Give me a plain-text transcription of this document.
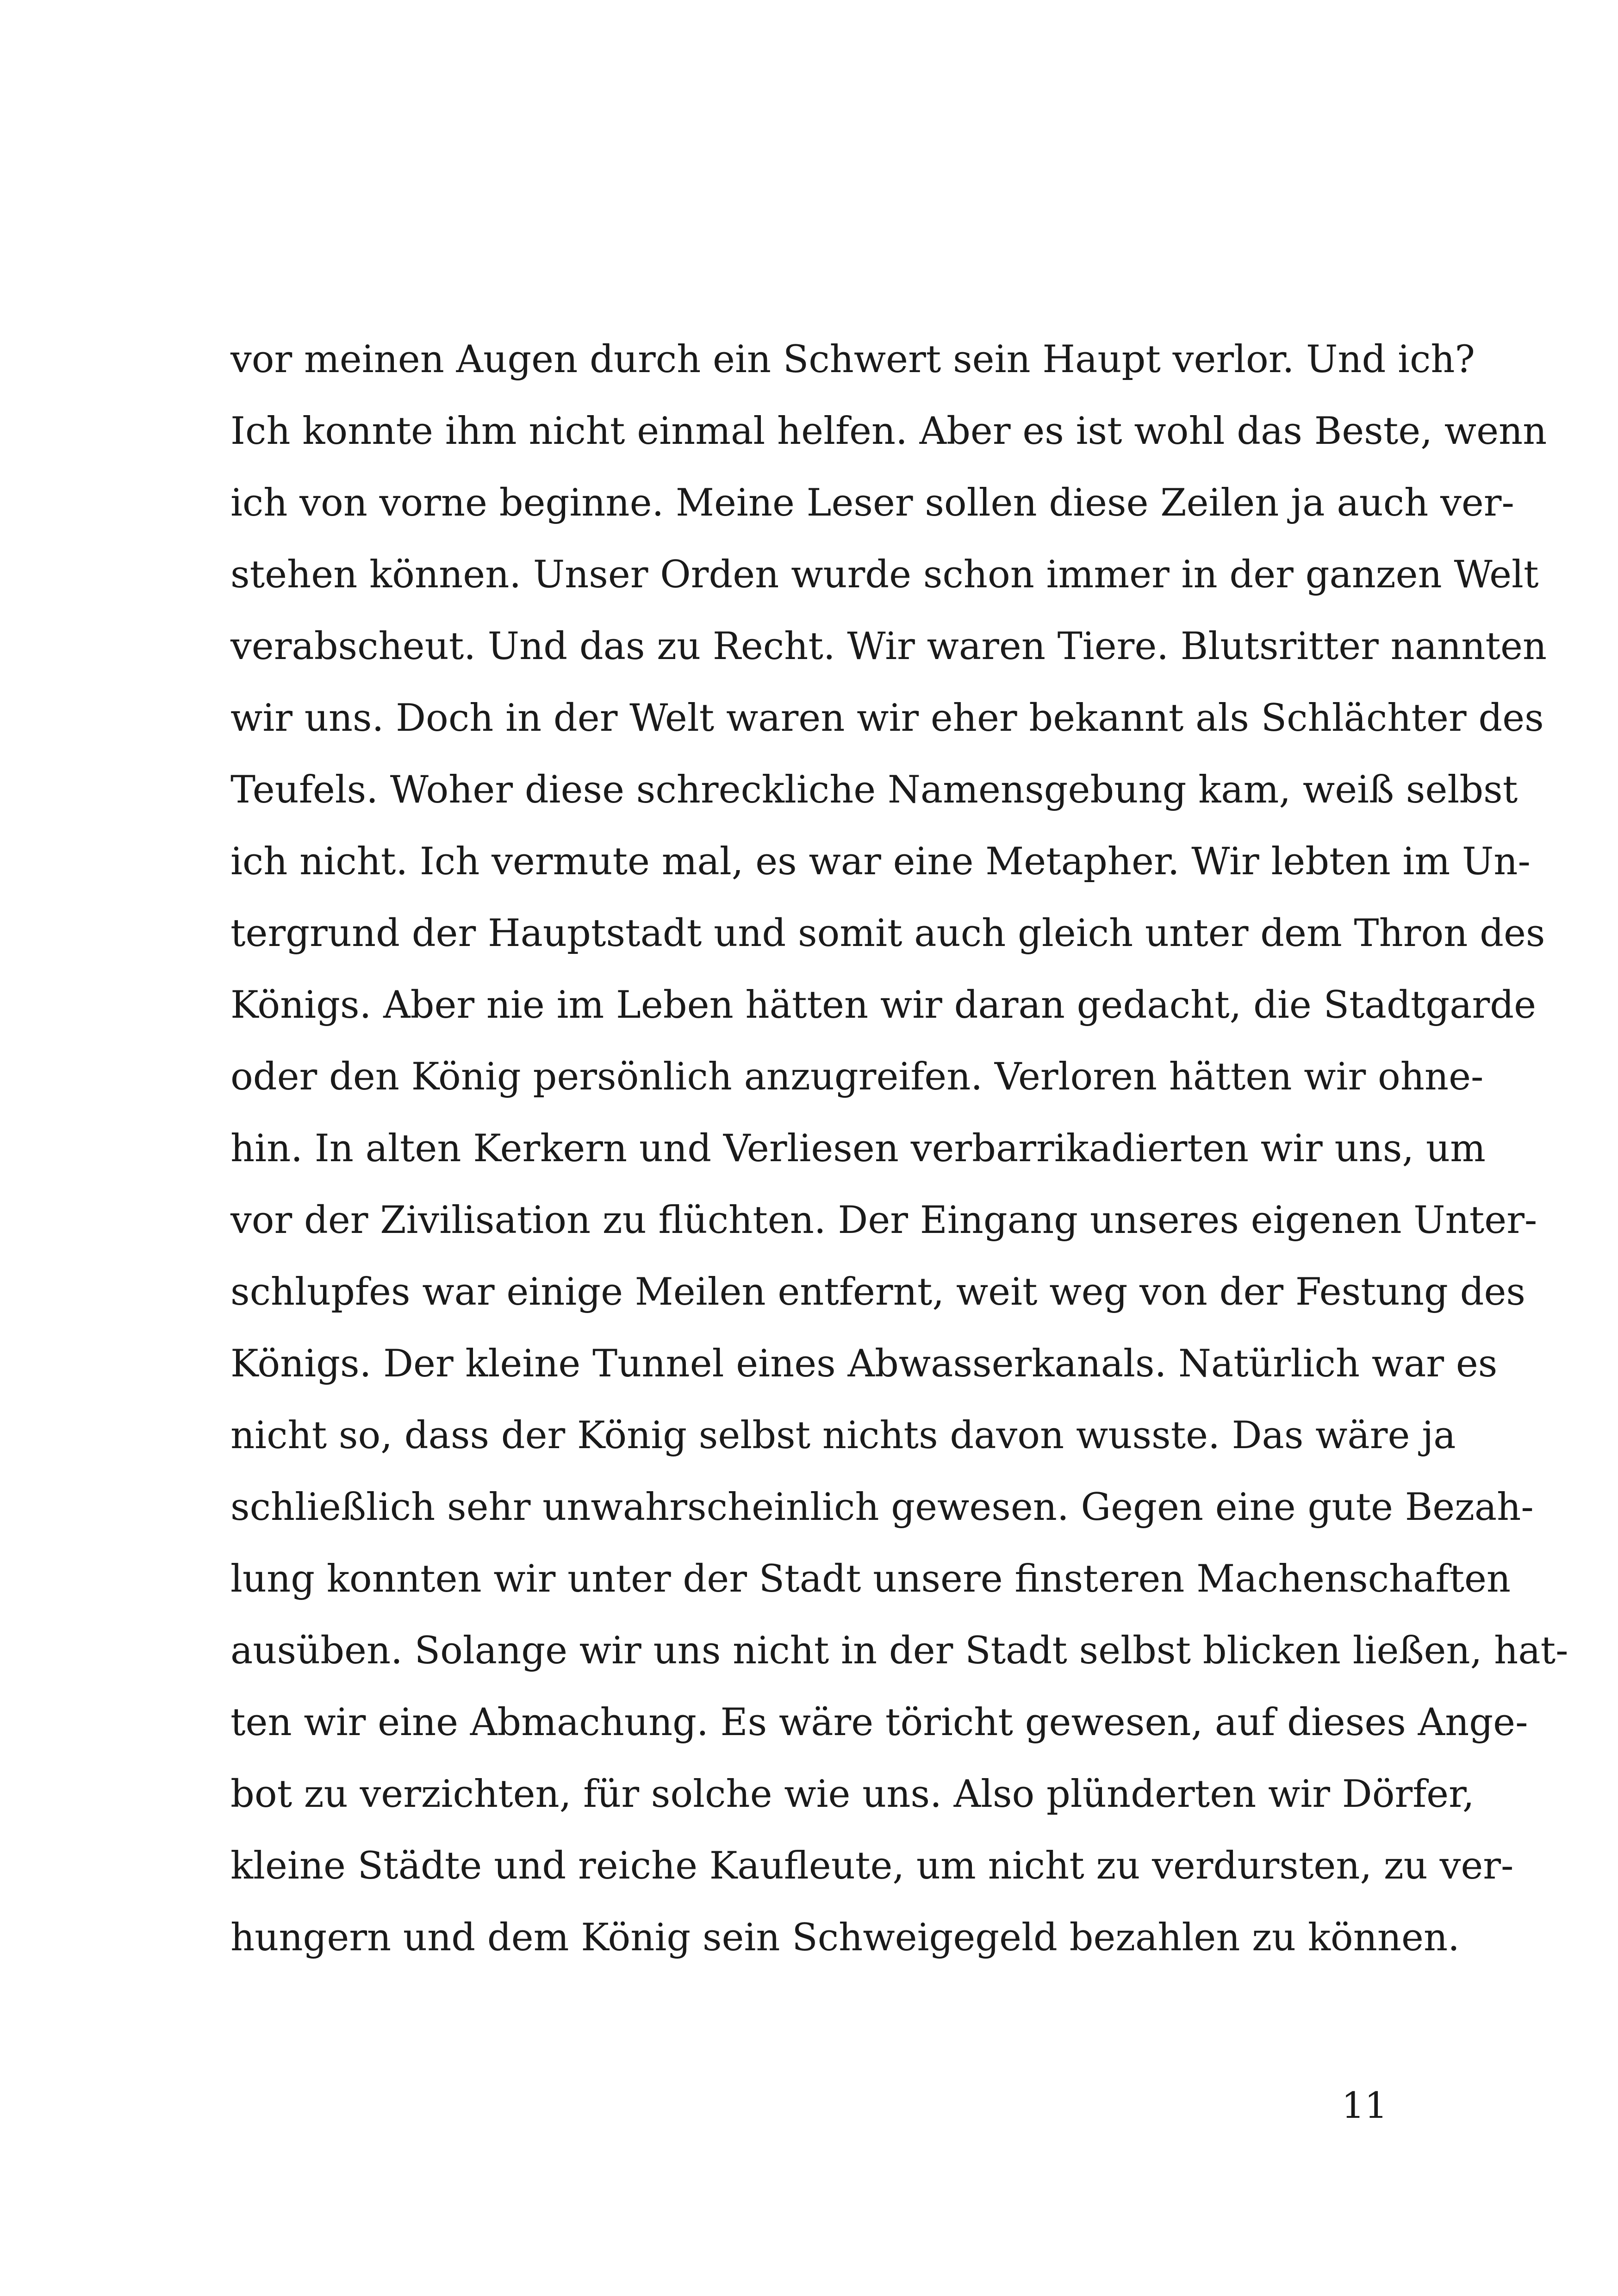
vor meinen Augen durch ein Schwert sein Haupt verlor. Und ich?
Ich konnte ihm nicht einmal helfen. Aber es ist wohl das Beste, wenn
ich von vorne beginne. Meine Leser sollen diese Zeilen ja auch ver-
stehen können. Unser Orden wurde schon immer in der ganzen Welt
verabscheut. Und das zu Recht. Wir waren Tiere. Blutsritter nannten
wir uns. Doch in der Welt waren wir eher bekannt als Schlächter des
Teufels. Woher diese schreckliche Namensgebung kam, weiß selbst
ich nicht. Ich vermute mal, es war eine Metapher. Wir lebten im Un-
tergrund der Hauptstadt und somit auch gleich unter dem Thron des
Königs. Aber nie im Leben hätten wir daran gedacht, die Stadtgarde
oder den König persönlich anzugreifen. Verloren hätten wir ohne-
hin. In alten Kerkern und Verliesen verbarrikadierten wir uns, um
vor der Zivilisation zu flüchten. Der Eingang unseres eigenen Unter-
schlupfes war einige Meilen entfernt, weit weg von der Festung des
Königs. Der kleine Tunnel eines Abwasserkanals. Natürlich war es
nicht so, dass der König selbst nichts davon wusste. Das wäre ja
schließlich sehr unwahrscheinlich gewesen. Gegen eine gute Bezah-
lung konnten wir unter der Stadt unsere finsteren Machenschaften
ausüben. Solange wir uns nicht in der Stadt selbst blicken ließen, hat-
ten wir eine Abmachung. Es wäre töricht gewesen, auf dieses Ange-
bot zu verzichten, für solche wie uns. Also plünderten wir Dörfer,
kleine Städte und reiche Kaufleute, um nicht zu verdursten, zu ver-
hungern und dem König sein Schweigegeld bezahlen zu können.
11
